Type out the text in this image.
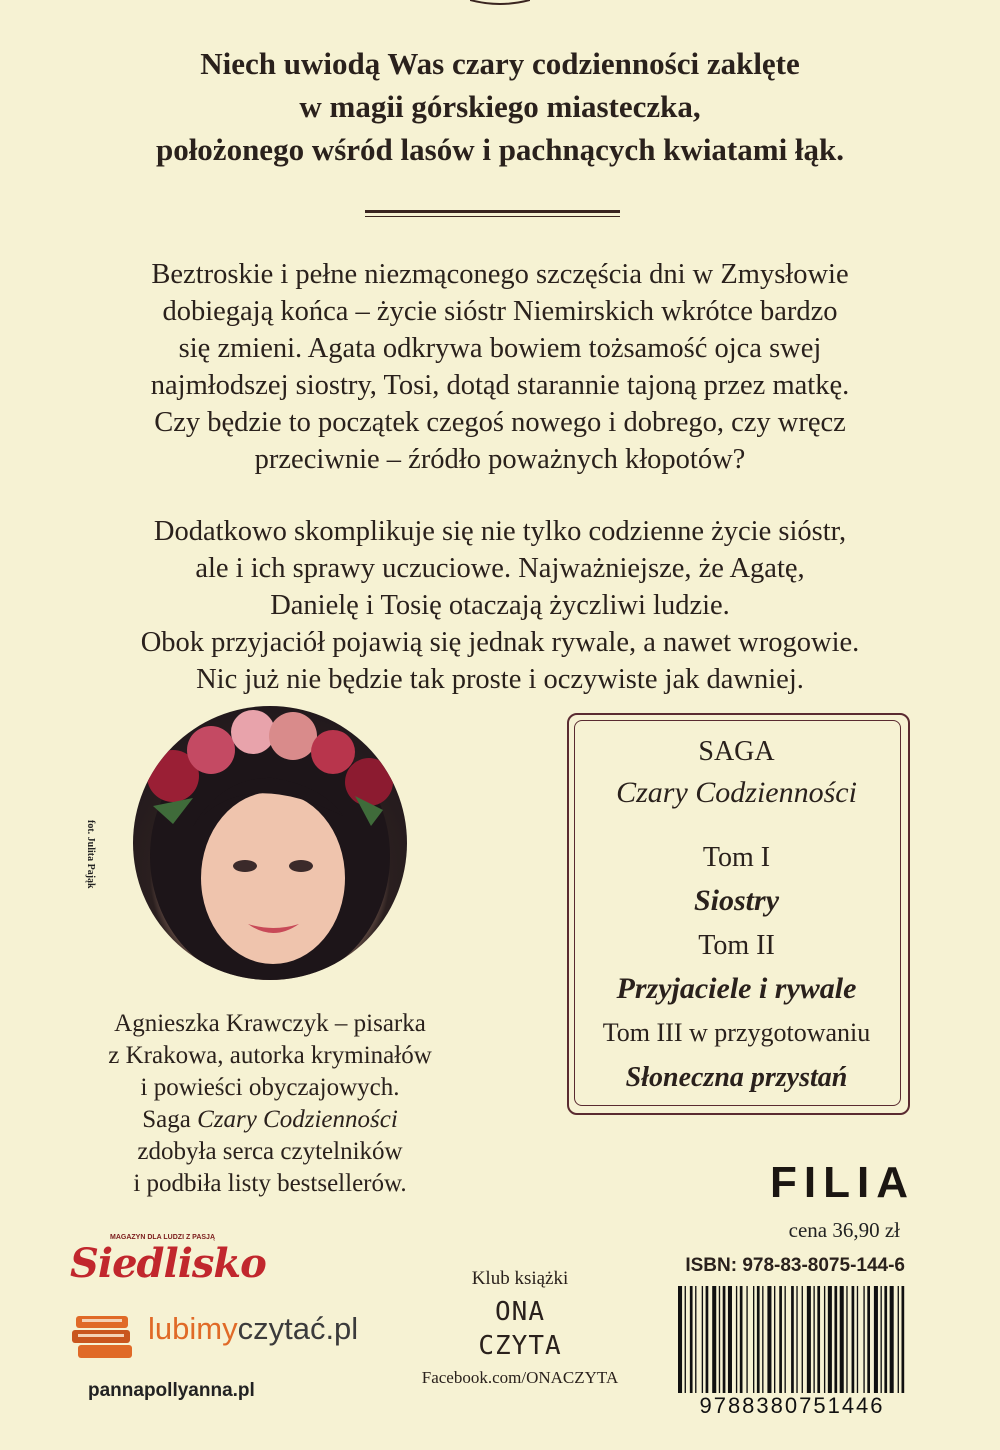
Niech uwiodą Was czary codzienności zaklęte
w magii górskiego miasteczka,
położonego wśród lasów i pachnących kwiatami łąk.
Beztroskie i pełne niezmąconego szczęścia dni w Zmysłowie
dobiegają końca – życie sióstr Niemirskich wkrótce bardzo
się zmieni. Agata odkrywa bowiem tożsamość ojca swej
najmłodszej siostry, Tosi, dotąd starannie tajoną przez matkę.
Czy będzie to początek czegoś nowego i dobrego, czy wręcz
przeciwnie – źródło poważnych kłopotów?
Dodatkowo skomplikuje się nie tylko codzienne życie sióstr,
ale i ich sprawy uczuciowe. Najważniejsze, że Agatę,
Danielę i Tosię otaczają życzliwi ludzie.
Obok przyjaciół pojawią się jednak rywale, a nawet wrogowie.
Nic już nie będzie tak proste i oczywiste jak dawniej.
fot. Julita Pająk
Agnieszka Krawczyk – pisarka
z Krakowa, autorka kryminałów
i powieści obyczajowych.
Saga Czary Codzienności
zdobyła serca czytelników
i podbiła listy bestsellerów.
SAGA
Czary Codzienności
Tom I
Siostry
Tom II
Przyjaciele i rywale
Tom III w przygotowaniu
Słoneczna przystań
FILIA
cena 36,90 zł
ISBN: 978-83-8075-144-6
9788380751446
MAGAZYN DLA LUDZI Z PASJĄ
Siedlisko
lubimyczytać.pl
pannapollyanna.pl
Klub książki
ONA
CZYTA
Facebook.com/ONACZYTA
